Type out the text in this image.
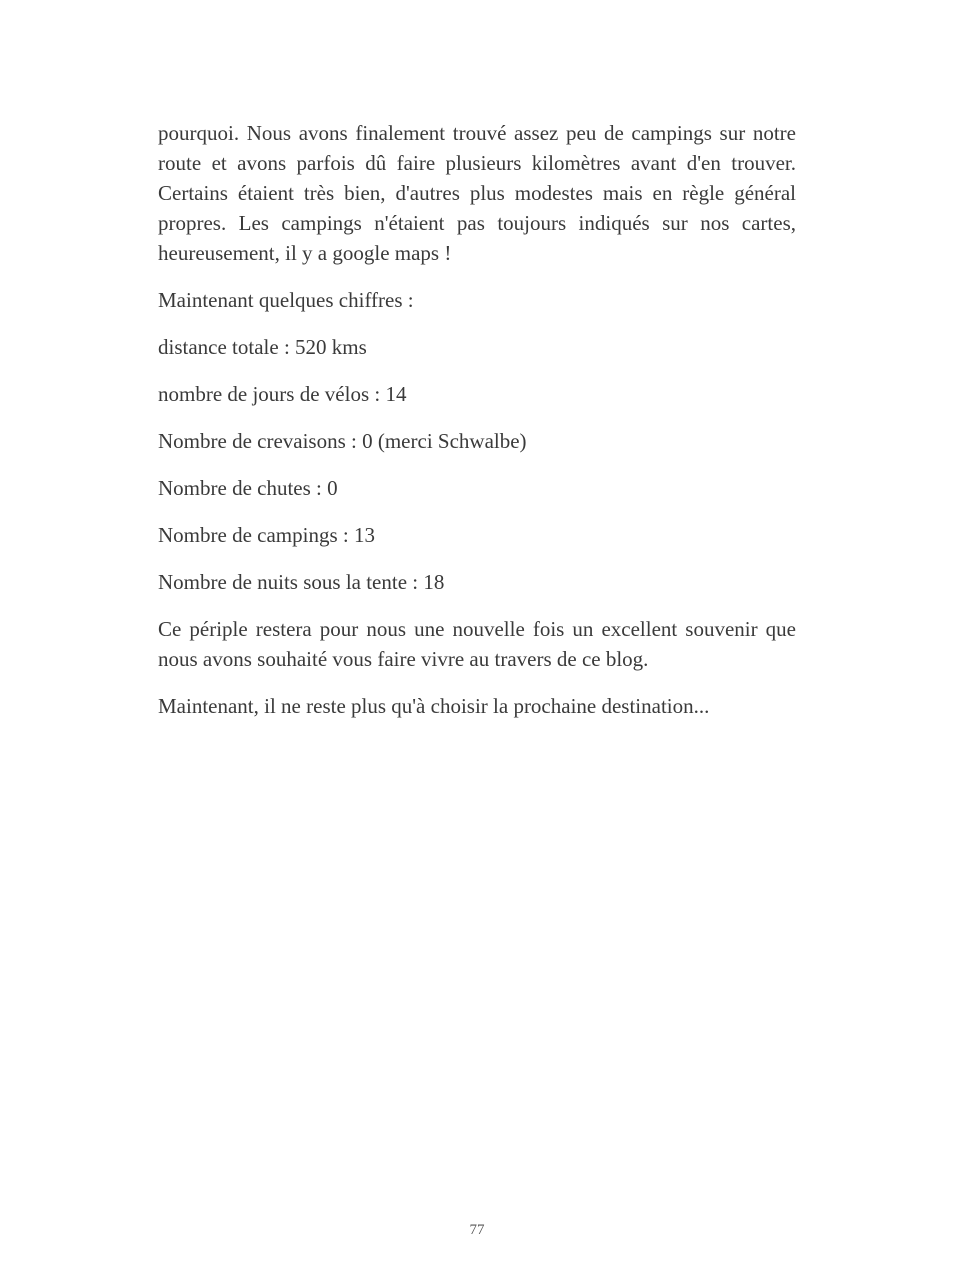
pourquoi. Nous avons finalement trouvé assez peu de campings sur notre route et avons parfois dû faire plusieurs kilomètres avant d'en trouver. Certains étaient très bien, d'autres plus modestes mais en règle général propres. Les campings n'étaient pas toujours indiqués sur nos cartes, heureusement, il y a google maps !

Maintenant quelques chiffres :

distance totale : 520 kms

nombre de jours de vélos : 14

Nombre de crevaisons : 0 (merci Schwalbe)

Nombre de chutes : 0

Nombre de campings : 13

Nombre de nuits sous la tente : 18

Ce périple restera pour nous une nouvelle fois un excellent souvenir que nous avons souhaité vous faire vivre au travers de ce blog.

Maintenant, il ne reste plus qu'à choisir la prochaine destination...

77
